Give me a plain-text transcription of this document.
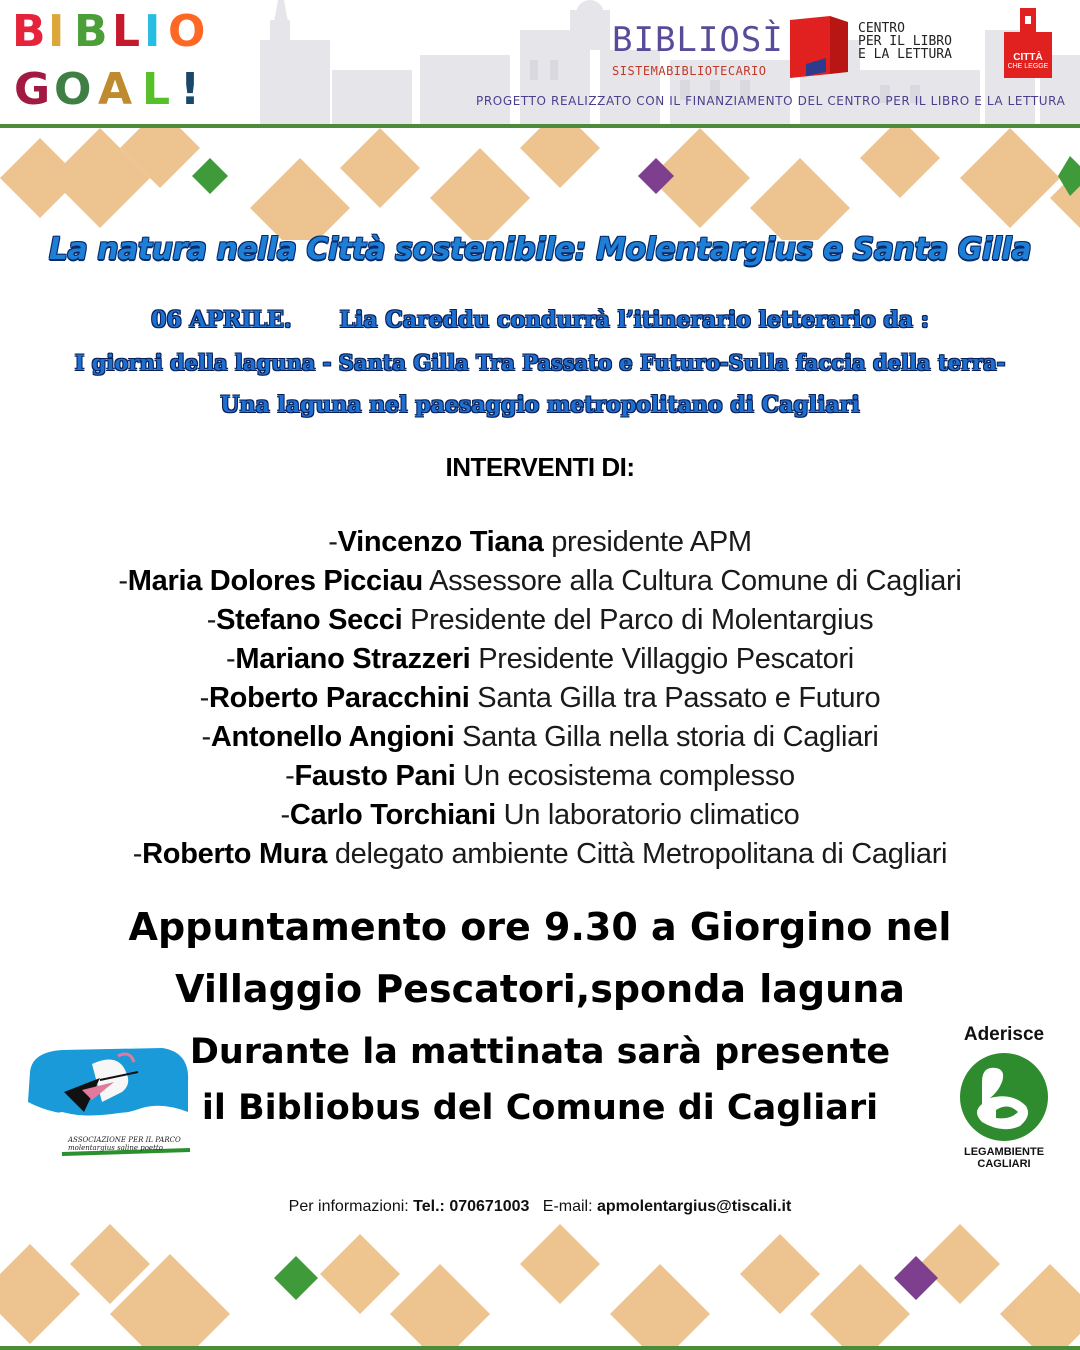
B I B L I O
G O A L !
BIBLIOSÌ
SISTEMABIBLIOTECARIO
CENTRO
PER IL LIBRO
E LA LETTURA	CITTÀ
CHE LEGGE
PROGETTO REALIZZATO CON IL FINANZIAMENTO DEL CENTRO PER IL LIBRO E LA LETTURA
La natura nella Città sostenibile: Molentargius e Santa Gilla
06 APRILE. Lia Careddu condurrà l’itinerario letterario da :
I giorni della laguna - Santa Gilla Tra Passato e Futuro-Sulla faccia della terra-
Una laguna nel paesaggio metropolitano di Cagliari
INTERVENTI DI:
-Vincenzo Tiana presidente APM
-Maria Dolores Picciau Assessore alla Cultura Comune di Cagliari
-Stefano Secci Presidente del Parco di Molentargius
-Mariano Strazzeri Presidente Villaggio Pescatori
-Roberto Paracchini Santa Gilla tra Passato e Futuro
-Antonello Angioni Santa Gilla nella storia di Cagliari
-Fausto Pani Un ecosistema complesso
-Carlo Torchiani Un laboratorio climatico
-Roberto Mura delegato ambiente Città Metropolitana di Cagliari
Appuntamento ore 9.30 a Giorgino nel
Villaggio Pescatori,sponda laguna
Durante la mattinata sarà presente il Bibliobus del Comune di Cagliari
ASSOCIAZIONE PER IL PARCO
molentargius saline poetto
Aderisce
LEGAMBIENTE
CAGLIARI
Per informazioni: Tel.: 070671003 E-mail: apmolentargius@tiscali.it
